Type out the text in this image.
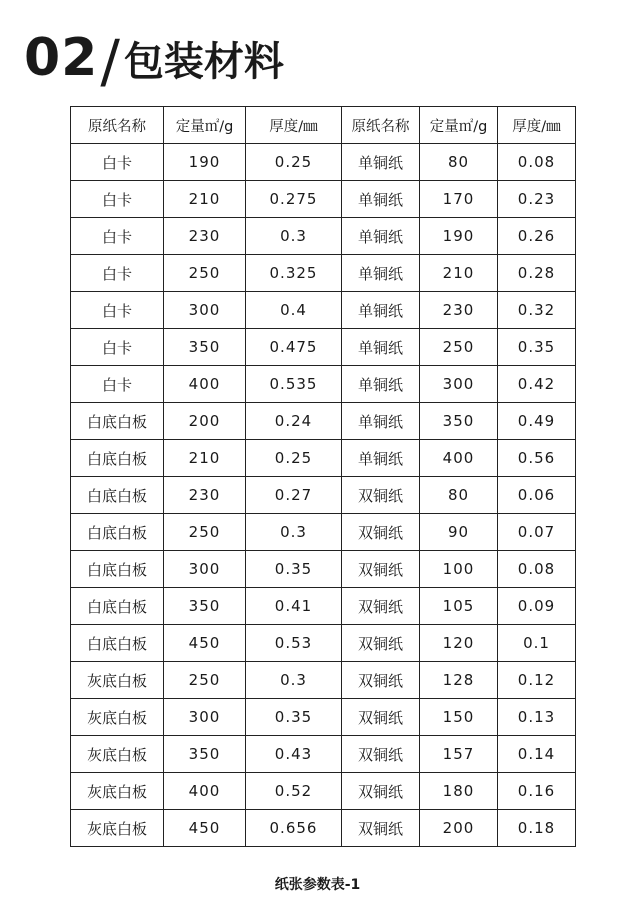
02 / 包装材料
原纸名称	定量㎡/g	厚度/㎜	原纸名称	定量㎡/g	厚度/㎜
白卡	190	0.25	单铜纸	80	0.08
白卡	210	0.275	单铜纸	170	0.23
白卡	230	0.3	单铜纸	190	0.26
白卡	250	0.325	单铜纸	210	0.28
白卡	300	0.4	单铜纸	230	0.32
白卡	350	0.475	单铜纸	250	0.35
白卡	400	0.535	单铜纸	300	0.42
白底白板	200	0.24	单铜纸	350	0.49
白底白板	210	0.25	单铜纸	400	0.56
白底白板	230	0.27	双铜纸	80	0.06
白底白板	250	0.3	双铜纸	90	0.07
白底白板	300	0.35	双铜纸	100	0.08
白底白板	350	0.41	双铜纸	105	0.09
白底白板	450	0.53	双铜纸	120	0.1
灰底白板	250	0.3	双铜纸	128	0.12
灰底白板	300	0.35	双铜纸	150	0.13
灰底白板	350	0.43	双铜纸	157	0.14
灰底白板	400	0.52	双铜纸	180	0.16
灰底白板	450	0.656	双铜纸	200	0.18
纸张参数表-1
